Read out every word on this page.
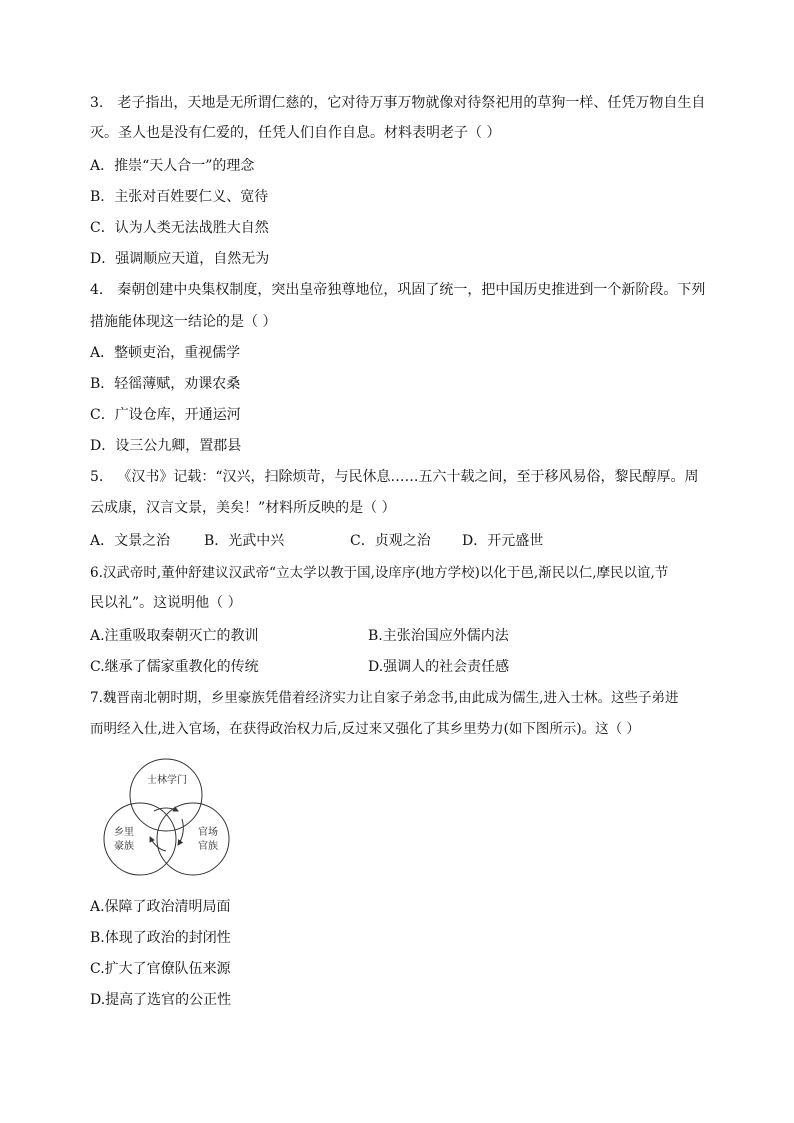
3. 老子指出，天地是无所谓仁慈的，它对待万事万物就像对待祭祀用的草狗一样、任凭万物自生自
灭。圣人也是没有仁爱的，任凭人们自作自息。材料表明老子（ ）
A．推崇“天人合一”的理念
B．主张对百姓要仁义、宽待
C．认为人类无法战胜大自然
D．强调顺应天道，自然无为
4. 秦朝创建中央集权制度，突出皇帝独尊地位，巩固了统一，把中国历史推进到一个新阶段。下列
措施能体现这一结论的是（ ）
A．整顿吏治，重视儒学
B．轻徭薄赋，劝课农桑
C．广设仓库，开通运河
D．设三公九卿，置郡县
5. 《汉书》记载：“汉兴，扫除烦苛，与民休息……五六十载之间，至于移风易俗，黎民醇厚。周
云成康，汉言文景，美矣！”材料所反映的是（ ）
A．文景之治 B．光武中兴	C．贞观之治 D．开元盛世
6.汉武帝时,董仲舒建议汉武帝“立太学以教于国,设庠序(地方学校)以化于邑,渐民以仁,摩民以谊,节
民以礼”。这说明他（ ）
A.注重吸取秦朝灭亡的教训	B.主张治国应外儒内法
C.继承了儒家重教化的传统	D.强调人的社会责任感
7.魏晋南北朝时期，乡里豪族凭借着经济实力让自家子弟念书,由此成为儒生,进入士林。这些子弟进
而明经入仕,进入官场，在获得政治权力后,反过来又强化了其乡里势力(如下图所示)。这（ ）
士林学门
乡里
豪族
官场
官族
A.保障了政治清明局面
B.体现了政治的封闭性
C.扩大了官僚队伍来源
D.提高了选官的公正性
